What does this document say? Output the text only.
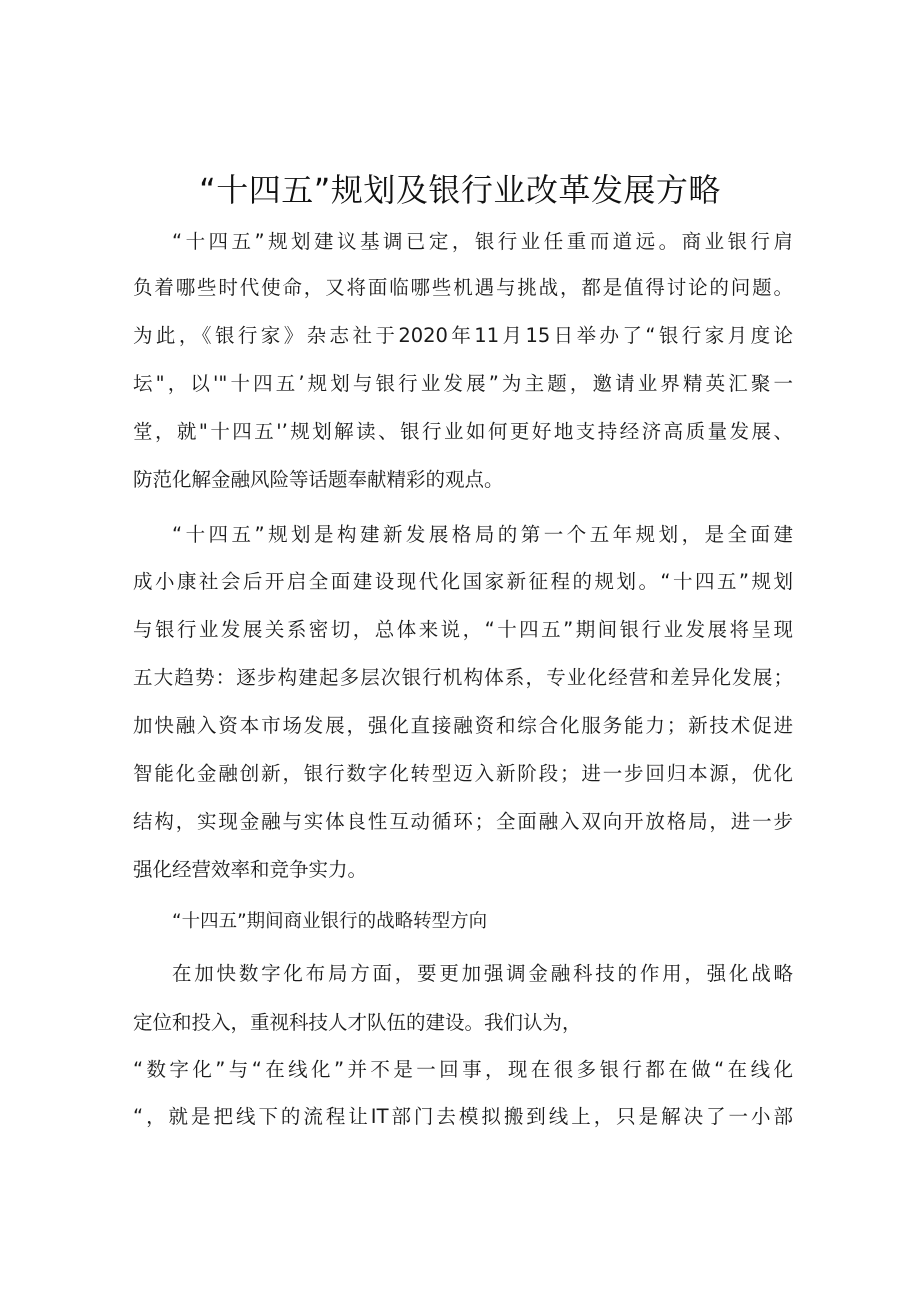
“十四五”规划及银行业改革发展方略
“十四五”规划建议基调已定，银行业任重而道远。商业银行肩
负着哪些时代使命，又将面临哪些机遇与挑战，都是值得讨论的问题。
为此，《银行家》杂志社于2020年11月15日举办了“银行家月度论
坛"，以'"十四五’规划与银行业发展”为主题，邀请业界精英汇聚一
堂，就"十四五'’规划解读、银行业如何更好地支持经济高质量发展、
防范化解金融风险等话题奉献精彩的观点。
“十四五”规划是构建新发展格局的第一个五年规划，是全面建
成小康社会后开启全面建设现代化国家新征程的规划。“十四五”规划
与银行业发展关系密切，总体来说，“十四五”期间银行业发展将呈现
五大趋势：逐步构建起多层次银行机构体系，专业化经营和差异化发展；
加快融入资本市场发展，强化直接融资和综合化服务能力；新技术促进
智能化金融创新，银行数字化转型迈入新阶段；进一步回归本源，优化
结构，实现金融与实体良性互动循环；全面融入双向开放格局，进一步
强化经营效率和竞争实力。
“十四五”期间商业银行的战略转型方向
在加快数字化布局方面，要更加强调金融科技的作用，强化战略
定位和投入，重视科技人才队伍的建设。我们认为，
“数字化”与“在线化”并不是一回事，现在很多银行都在做“在线化
“，就是把线下的流程让IT部门去模拟搬到线上，只是解决了一小部
